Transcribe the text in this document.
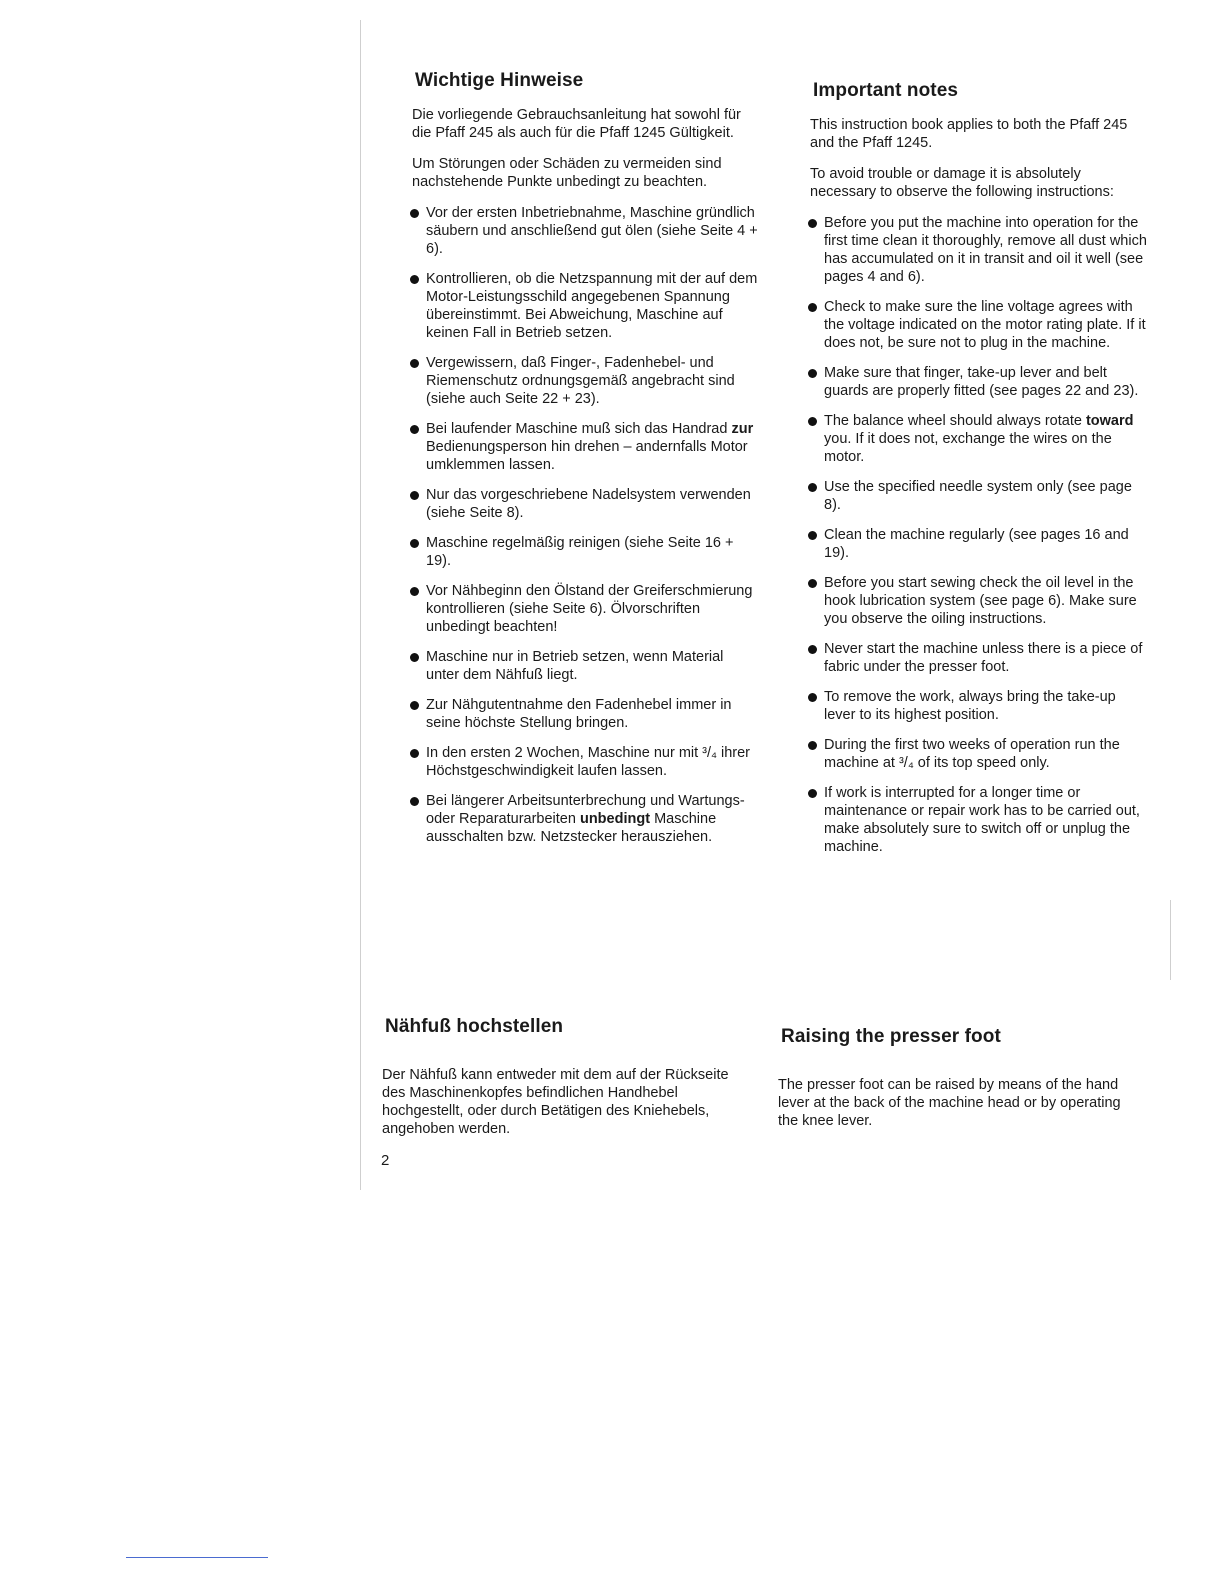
Wichtige Hinweise

Die vorliegende Gebrauchsanleitung hat sowohl für die Pfaff 245 als auch für die Pfaff 1245 Gültigkeit.

Um Störungen oder Schäden zu vermeiden sind nachstehende Punkte unbedingt zu beachten.

Vor der ersten Inbetriebnahme, Maschine gründlich säubern und anschließend gut ölen (siehe Seite 4 + 6).
Kontrollieren, ob die Netzspannung mit der auf dem Motor-Leistungsschild angegebenen Spannung übereinstimmt. Bei Abweichung, Maschine auf keinen Fall in Betrieb setzen.
Vergewissern, daß Finger-, Fadenhebel- und Riemenschutz ordnungsgemäß angebracht sind (siehe auch Seite 22 + 23).
Bei laufender Maschine muß sich das Handrad zur Bedienungsperson hin drehen – andernfalls Motor umklemmen lassen.
Nur das vorgeschriebene Nadelsystem verwenden (siehe Seite 8).
Maschine regelmäßig reinigen (siehe Seite 16 + 19).
Vor Nähbeginn den Ölstand der Greiferschmierung kontrollieren (siehe Seite 6). Ölvorschriften unbedingt beachten!
Maschine nur in Betrieb setzen, wenn Material unter dem Nähfuß liegt.
Zur Nähgutentnahme den Fadenhebel immer in seine höchste Stellung bringen.
In den ersten 2 Wochen, Maschine nur mit ³/₄ ihrer Höchstgeschwindigkeit laufen lassen.
Bei längerer Arbeitsunterbrechung und Wartungs- oder Reparaturarbeiten unbedingt Maschine ausschalten bzw. Netzstecker herausziehen.
Important notes

This instruction book applies to both the Pfaff 245 and the Pfaff 1245.

To avoid trouble or damage it is absolutely necessary to observe the following instructions:

Before you put the machine into operation for the first time clean it thoroughly, remove all dust which has accumulated on it in transit and oil it well (see pages 4 and 6).
Check to make sure the line voltage agrees with the voltage indicated on the motor rating plate. If it does not, be sure not to plug in the machine.
Make sure that finger, take-up lever and belt guards are properly fitted (see pages 22 and 23).
The balance wheel should always rotate toward you. If it does not, exchange the wires on the motor.
Use the specified needle system only (see page 8).
Clean the machine regularly (see pages 16 and 19).
Before you start sewing check the oil level in the hook lubrication system (see page 6). Make sure you observe the oiling instructions.
Never start the machine unless there is a piece of fabric under the presser foot.
To remove the work, always bring the take-up lever to its highest position.
During the first two weeks of operation run the machine at ³/₄ of its top speed only.
If work is interrupted for a longer time or maintenance or repair work has to be carried out, make absolutely sure to switch off or unplug the machine.
Nähfuß hochstellen

Der Nähfuß kann entweder mit dem auf der Rückseite des Maschinenkopfes befindlichen Handhebel hochgestellt, oder durch Betätigen des Kniehebels, angehoben werden.

Raising the presser foot

The presser foot can be raised by means of the hand lever at the back of the machine head or by operating the knee lever.

2
